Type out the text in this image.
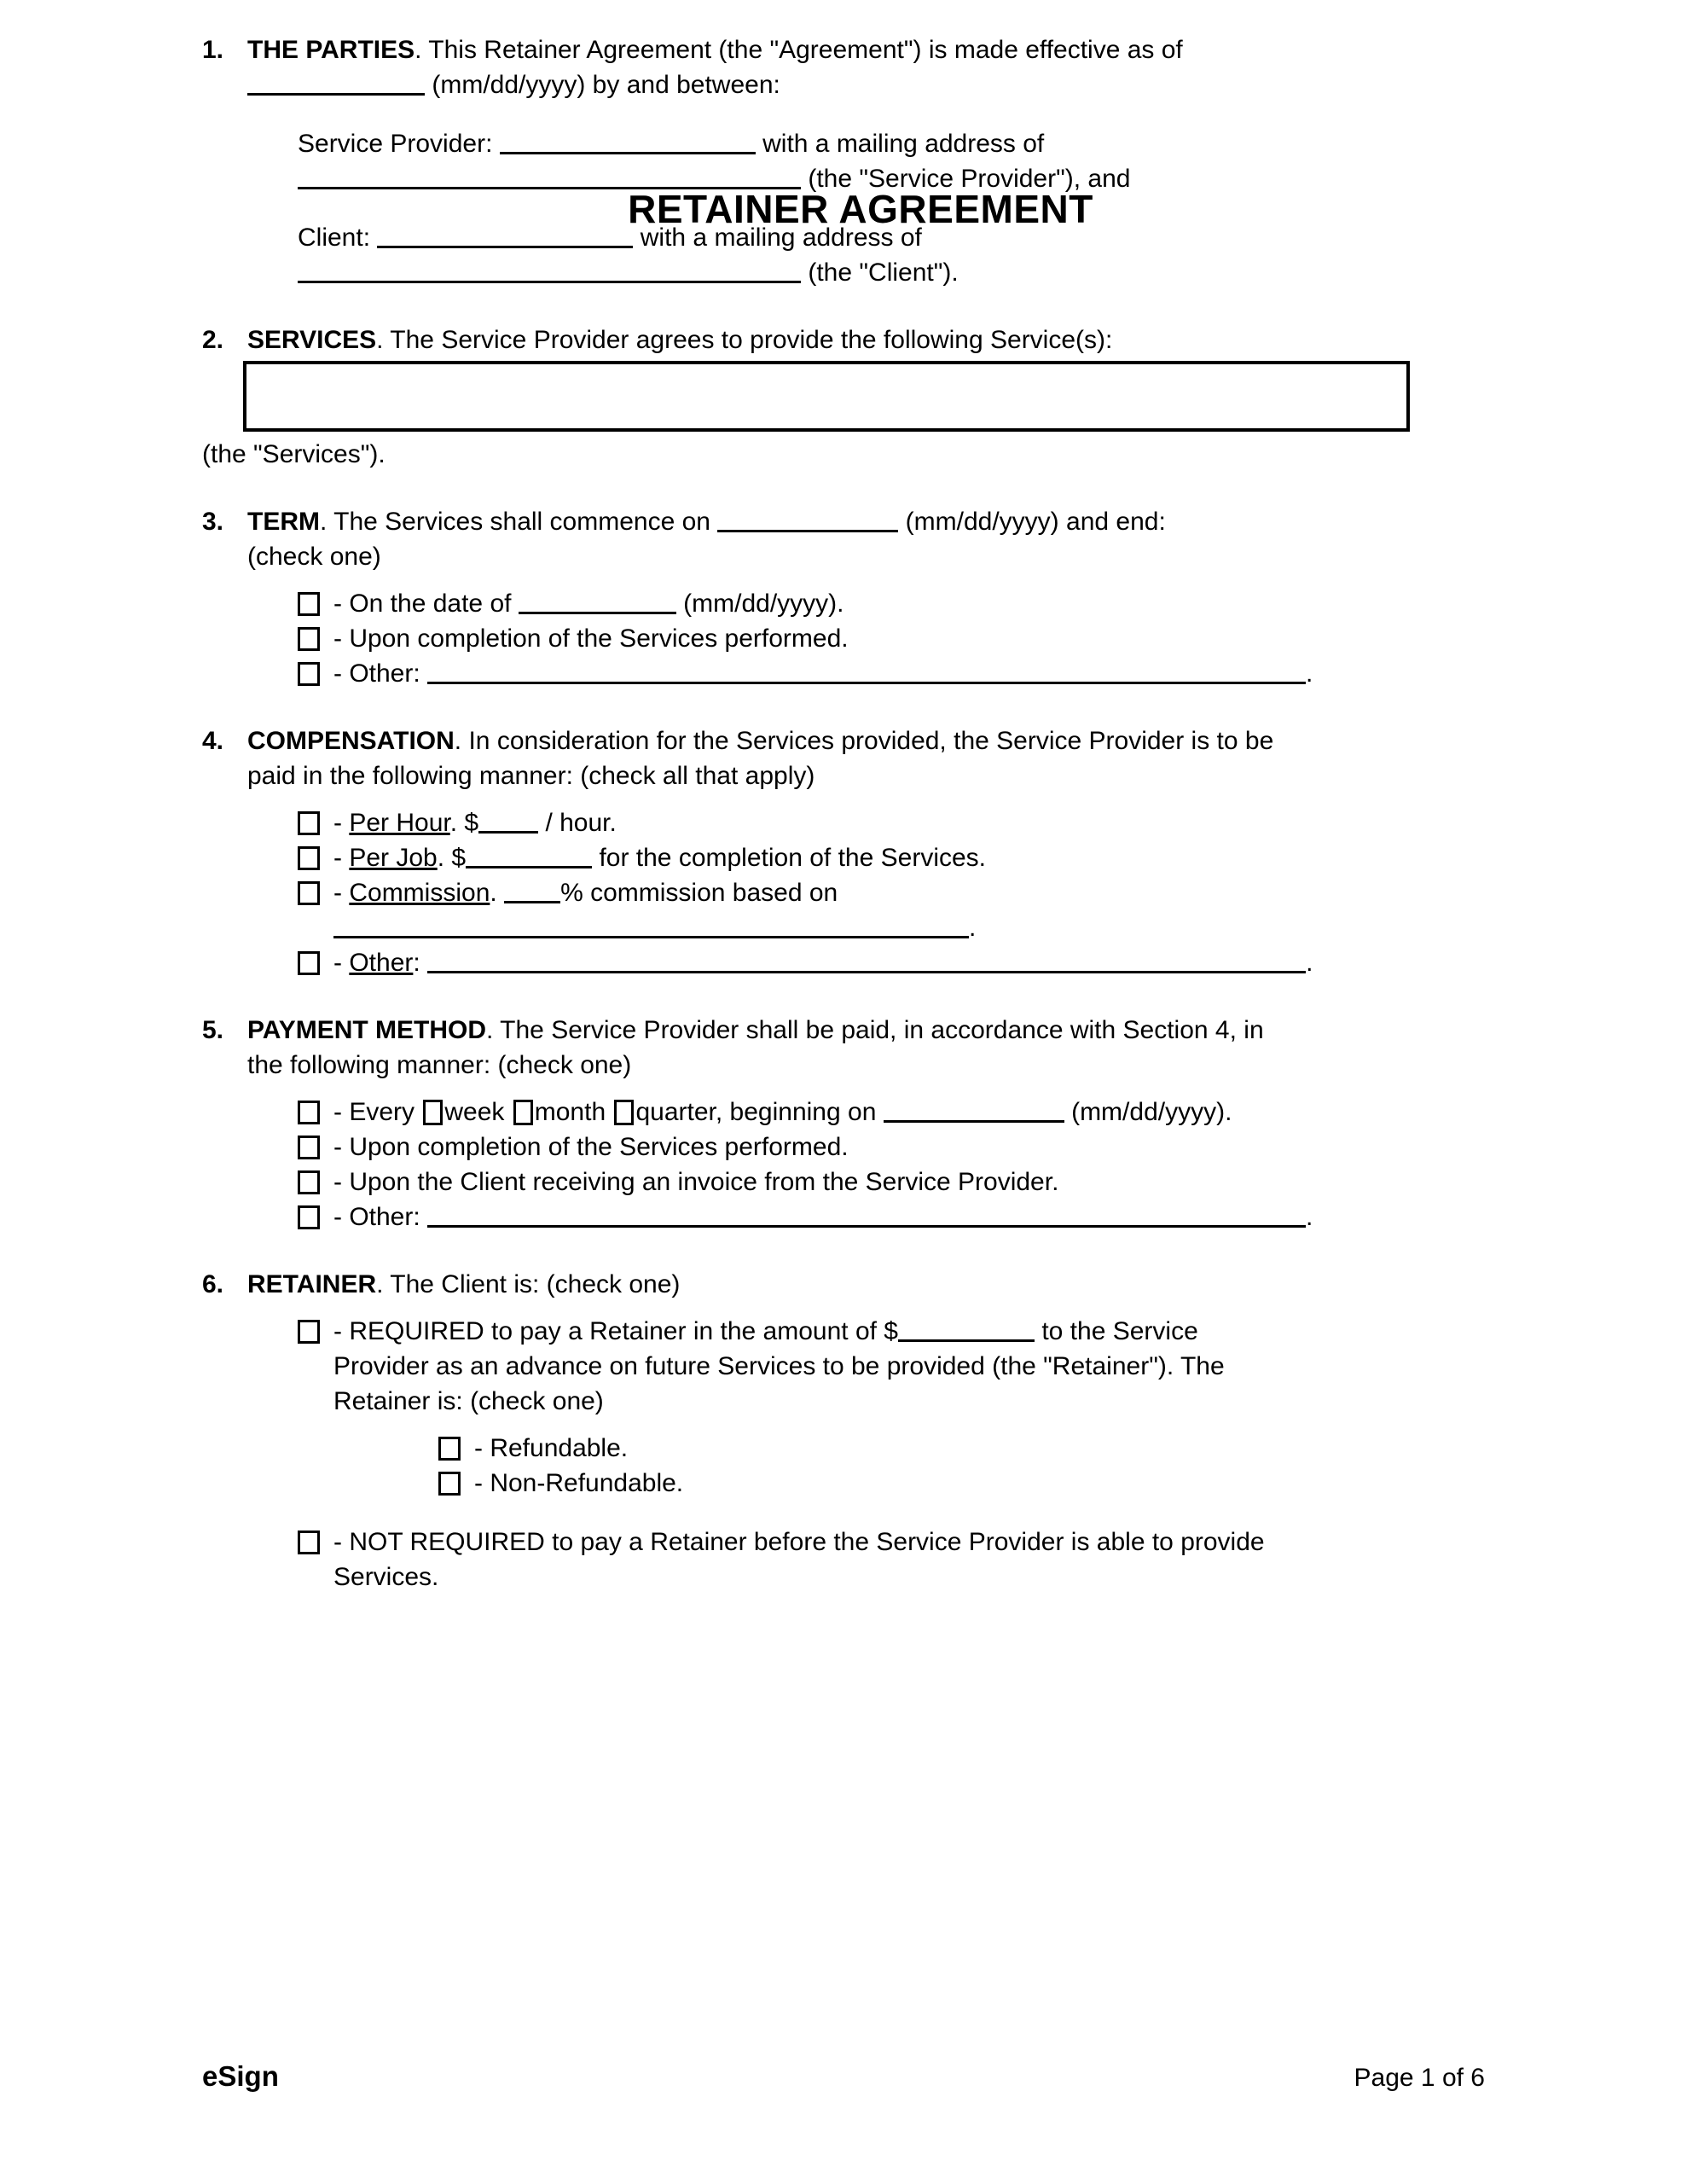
RETAINER AGREEMENT
1. THE PARTIES. This Retainer Agreement (the "Agreement") is made effective as of
(mm/dd/yyyy) by and between:
Service Provider:	with a mailing address of
(the "Service Provider"), and
Client:	with a mailing address of
(the "Client").
2. SERVICES. The Service Provider agrees to provide the following Service(s):
(the "Services").
3. TERM. The Services shall commence on	(mm/dd/yyyy) and end:
(check one)
- On the date of	(mm/dd/yyyy).
- Upon completion of the Services performed.
- Other:	.
4. COMPENSATION. In consideration for the Services provided, the Service Provider is to be
paid in the following manner: (check all that apply)
- Per Hour. $	/ hour.
- Per Job. $	for the completion of the Services.
- Commission. % commission based on .
- Other:	.
5. PAYMENT METHOD. The Service Provider shall be paid, in accordance with Section 4, in
the following manner: (check one)
- Every week month quarter, beginning on	(mm/dd/yyyy).
- Upon completion of the Services performed.
- Upon the Client receiving an invoice from the Service Provider.
- Other:	.
6. RETAINER. The Client is: (check one)
- REQUIRED to pay a Retainer in the amount of $	to the Service
Provider as an advance on future Services to be provided (the "Retainer"). The
Retainer is: (check one)
- Refundable.
- Non-Refundable.
- NOT REQUIRED to pay a Retainer before the Service Provider is able to provide
Services.
eSign	Page 1 of 6
